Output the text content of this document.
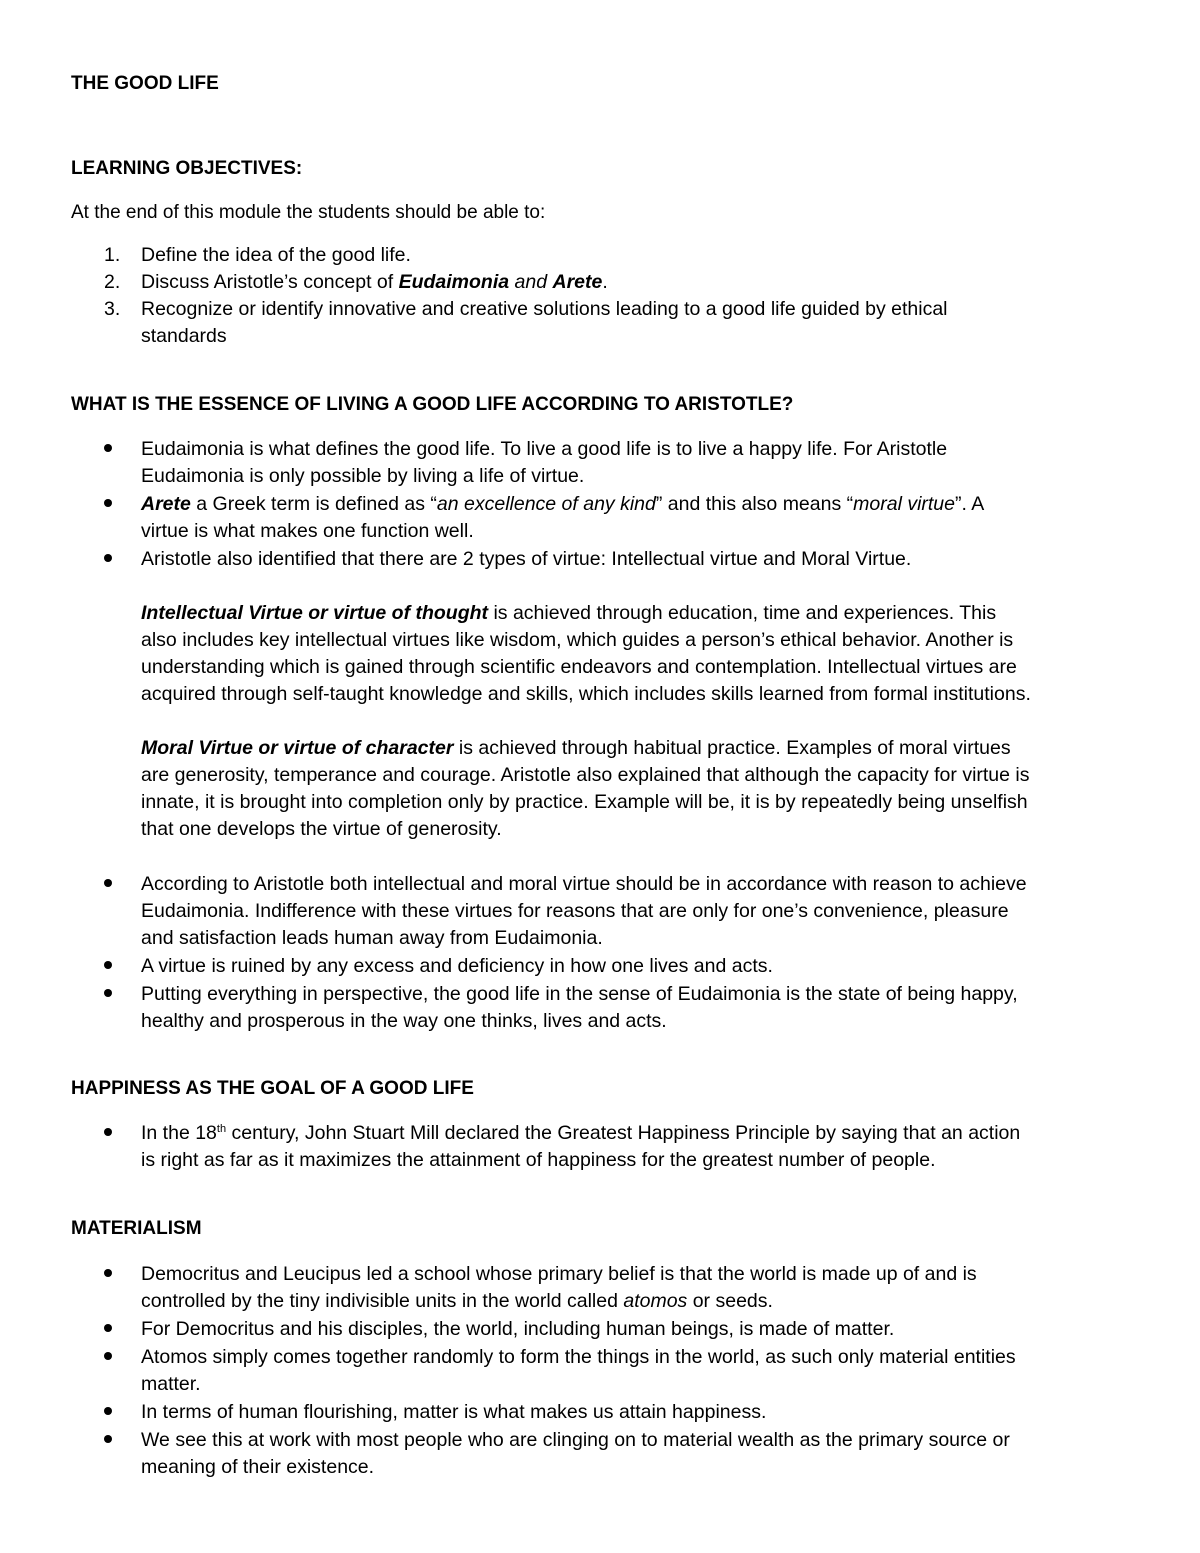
THE GOOD LIFE
LEARNING OBJECTIVES:
At the end of this module the students should be able to:
1. Define the idea of the good life.
2. Discuss Aristotle’s concept of Eudaimonia and Arete.
3. Recognize or identify innovative and creative solutions leading to a good life guided by ethical
standards
WHAT IS THE ESSENCE OF LIVING A GOOD LIFE ACCORDING TO ARISTOTLE?
Eudaimonia is what defines the good life. To live a good life is to live a happy life. For Aristotle
Eudaimonia is only possible by living a life of virtue.
Arete a Greek term is defined as “an excellence of any kind” and this also means “moral virtue”. A
virtue is what makes one function well.
Aristotle also identified that there are 2 types of virtue: Intellectual virtue and Moral Virtue.
Intellectual Virtue or virtue of thought is achieved through education, time and experiences. This
also includes key intellectual virtues like wisdom, which guides a person’s ethical behavior. Another is
understanding which is gained through scientific endeavors and contemplation. Intellectual virtues are
acquired through self-taught knowledge and skills, which includes skills learned from formal institutions.
Moral Virtue or virtue of character is achieved through habitual practice. Examples of moral virtues
are generosity, temperance and courage. Aristotle also explained that although the capacity for virtue is
innate, it is brought into completion only by practice. Example will be, it is by repeatedly being unselfish
that one develops the virtue of generosity.
According to Aristotle both intellectual and moral virtue should be in accordance with reason to achieve
Eudaimonia. Indifference with these virtues for reasons that are only for one’s convenience, pleasure
and satisfaction leads human away from Eudaimonia.
A virtue is ruined by any excess and deficiency in how one lives and acts.
Putting everything in perspective, the good life in the sense of Eudaimonia is the state of being happy,
healthy and prosperous in the way one thinks, lives and acts.
HAPPINESS AS THE GOAL OF A GOOD LIFE
In the 18th century, John Stuart Mill declared the Greatest Happiness Principle by saying that an action
is right as far as it maximizes the attainment of happiness for the greatest number of people.
MATERIALISM
Democritus and Leucipus led a school whose primary belief is that the world is made up of and is
controlled by the tiny indivisible units in the world called atomos or seeds.
For Democritus and his disciples, the world, including human beings, is made of matter.
Atomos simply comes together randomly to form the things in the world, as such only material entities
matter.
In terms of human flourishing, matter is what makes us attain happiness.
We see this at work with most people who are clinging on to material wealth as the primary source or
meaning of their existence.
